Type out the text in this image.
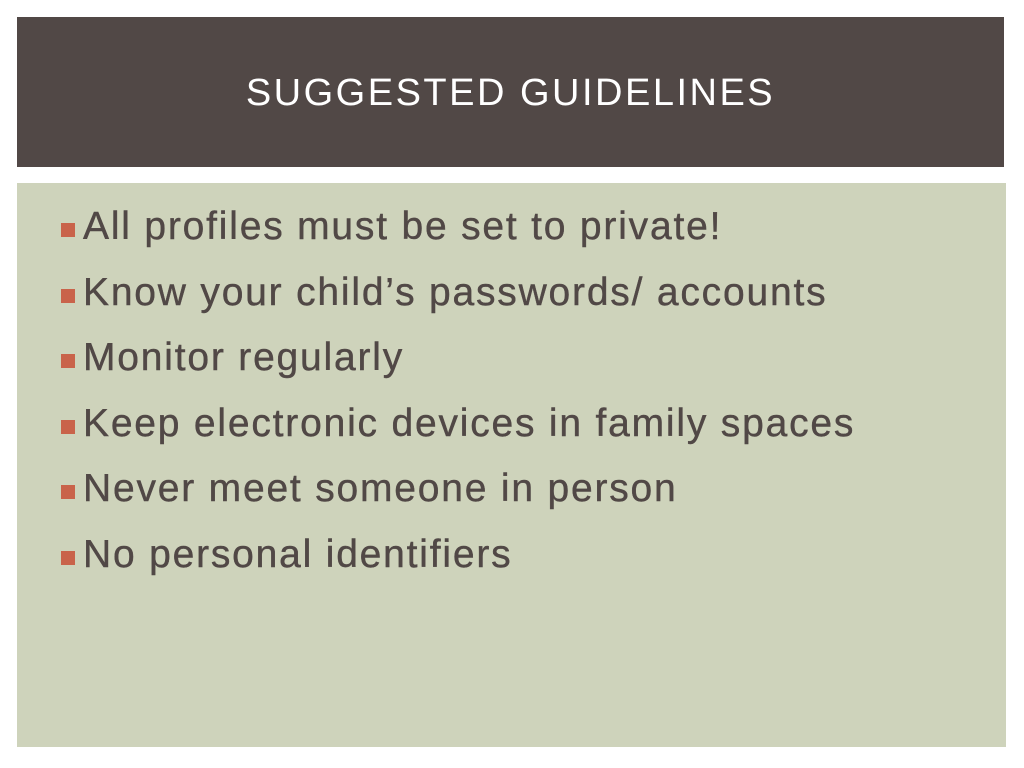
SUGGESTED GUIDELINES
All profiles must be set to private!
Know your child’s passwords/ accounts
Monitor regularly
Keep electronic devices in family spaces
Never meet someone in person
No personal identifiers
